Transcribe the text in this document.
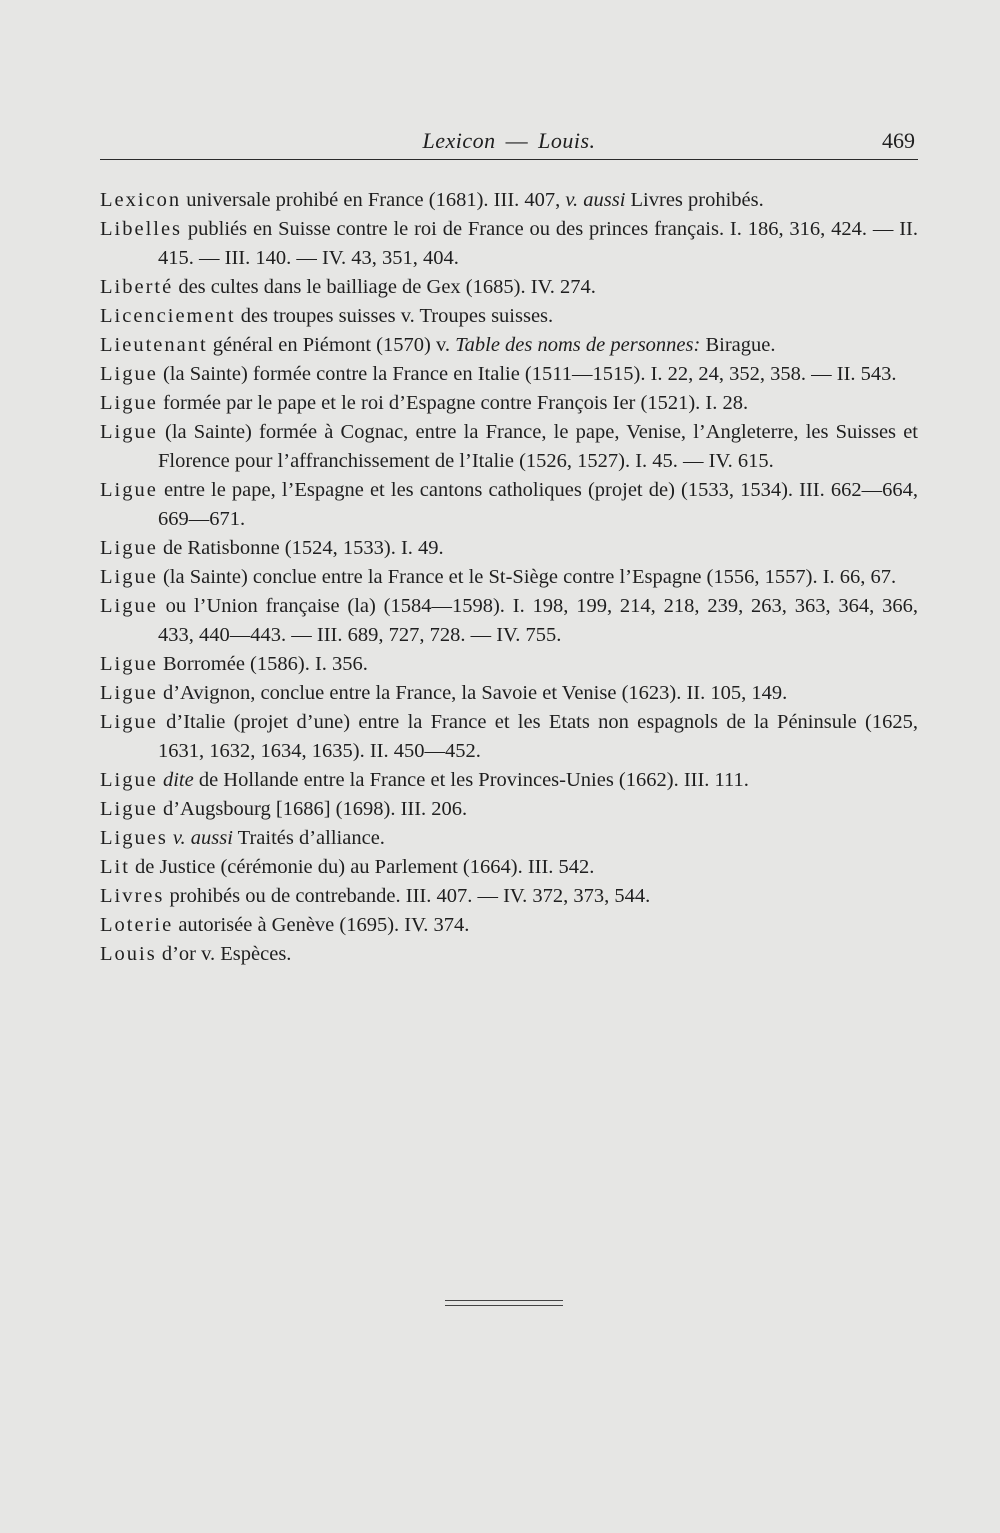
Lexicon — Louis.	469

Lexicon universale prohibé en France (1681). III. 407, v. aussi Livres prohibés.

Libelles publiés en Suisse contre le roi de France ou des princes français. I. 186, 316, 424. — II. 415. — III. 140. — IV. 43, 351, 404.

Liberté des cultes dans le bailliage de Gex (1685). IV. 274.

Licenciement des troupes suisses v. Troupes suisses.

Lieutenant général en Piémont (1570) v. Table des noms de personnes: Birague.

Ligue (la Sainte) formée contre la France en Italie (1511—1515). I. 22, 24, 352, 358. — II. 543.

Ligue formée par le pape et le roi d’Espagne contre François Ier (1521). I. 28.

Ligue (la Sainte) formée à Cognac, entre la France, le pape, Venise, l’Angleterre, les Suisses et Florence pour l’affranchissement de l’Italie (1526, 1527). I. 45. — IV. 615.

Ligue entre le pape, l’Espagne et les cantons catholiques (projet de) (1533, 1534). III. 662—664, 669—671.

Ligue de Ratisbonne (1524, 1533). I. 49.

Ligue (la Sainte) conclue entre la France et le St-Siège contre l’Espagne (1556, 1557). I. 66, 67.

Ligue ou l’Union française (la) (1584—1598). I. 198, 199, 214, 218, 239, 263, 363, 364, 366, 433, 440—443. — III. 689, 727, 728. — IV. 755.

Ligue Borromée (1586). I. 356.

Ligue d’Avignon, conclue entre la France, la Savoie et Venise (1623). II. 105, 149.

Ligue d’Italie (projet d’une) entre la France et les Etats non espagnols de la Péninsule (1625, 1631, 1632, 1634, 1635). II. 450—452.

Ligue dite de Hollande entre la France et les Provinces-Unies (1662). III. 111.

Ligue d’Augsbourg [1686] (1698). III. 206.

Ligues v. aussi Traités d’alliance.

Lit de Justice (cérémonie du) au Parlement (1664). III. 542.

Livres prohibés ou de contrebande. III. 407. — IV. 372, 373, 544.

Loterie autorisée à Genève (1695). IV. 374.

Louis d’or v. Espèces.
